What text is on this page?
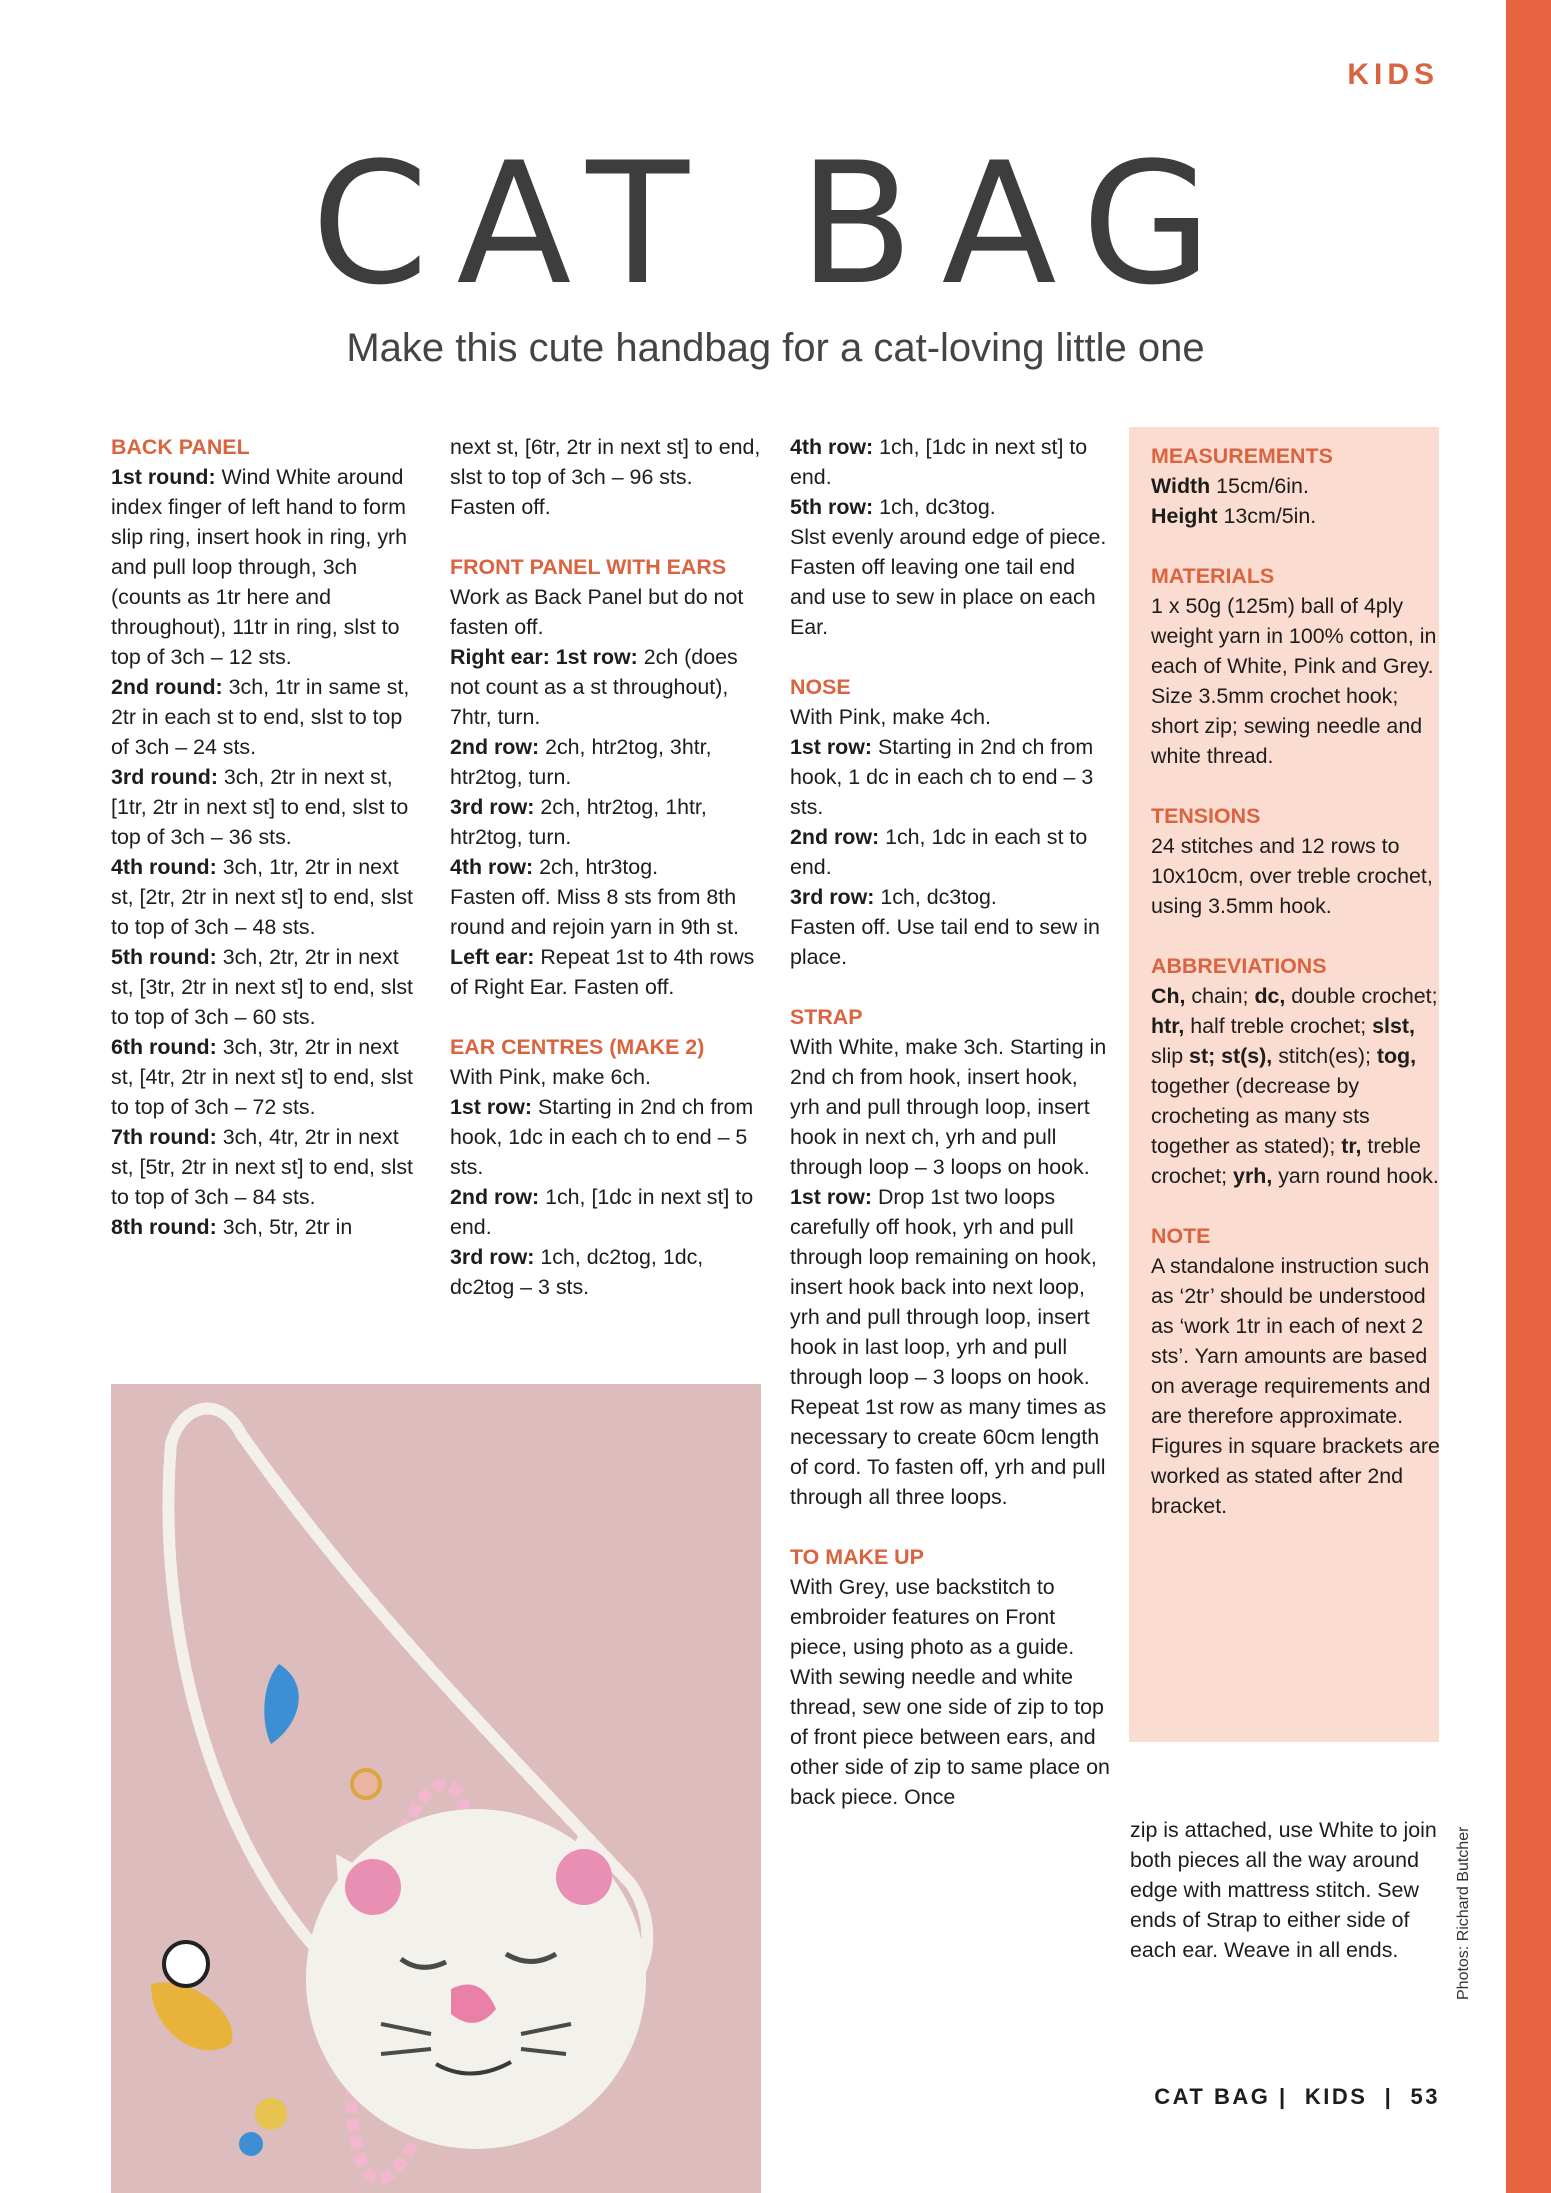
KIDS
CAT BAG
Make this cute handbag for a cat-loving little one
BACK PANEL

1st round: Wind White around index finger of left hand to form slip ring, insert hook in ring, yrh and pull loop through, 3ch (counts as 1tr here and throughout), 11tr in ring, slst to top of 3ch – 12 sts.

2nd round: 3ch, 1tr in same st, 2tr in each st to end, slst to top of 3ch – 24 sts.

3rd round: 3ch, 2tr in next st, [1tr, 2tr in next st] to end, slst to top of 3ch – 36 sts.

4th round: 3ch, 1tr, 2tr in next st, [2tr, 2tr in next st] to end, slst to top of 3ch – 48 sts.

5th round: 3ch, 2tr, 2tr in next st, [3tr, 2tr in next st] to end, slst to top of 3ch – 60 sts.

6th round: 3ch, 3tr, 2tr in next st, [4tr, 2tr in next st] to end, slst to top of 3ch – 72 sts.

7th round: 3ch, 4tr, 2tr in next st, [5tr, 2tr in next st] to end, slst to top of 3ch – 84 sts.

8th round: 3ch, 5tr, 2tr in

next st, [6tr, 2tr in next st] to end, slst to top of 3ch – 96 sts.

Fasten off.

FRONT PANEL WITH EARS

Work as Back Panel but do not fasten off.

Right ear: 1st row: 2ch (does not count as a st throughout), 7htr, turn.

2nd row: 2ch, htr2tog, 3htr, htr2tog, turn.

3rd row: 2ch, htr2tog, 1htr, htr2tog, turn.

4th row: 2ch, htr3tog.

Fasten off. Miss 8 sts from 8th round and rejoin yarn in 9th st.

Left ear: Repeat 1st to 4th rows of Right Ear. Fasten off.

EAR CENTRES (MAKE 2)

With Pink, make 6ch.

1st row: Starting in 2nd ch from hook, 1dc in each ch to end – 5 sts.

2nd row: 1ch, [1dc in next st] to end.

3rd row: 1ch, dc2tog, 1dc, dc2tog – 3 sts.

4th row: 1ch, [1dc in next st] to end.

5th row: 1ch, dc3tog.

Slst evenly around edge of piece.

Fasten off leaving one tail end and use to sew in place on each Ear.

NOSE

With Pink, make 4ch.

1st row: Starting in 2nd ch from hook, 1 dc in each ch to end – 3 sts.

2nd row: 1ch, 1dc in each st to end.

3rd row: 1ch, dc3tog.

Fasten off. Use tail end to sew in place.

STRAP

With White, make 3ch. Starting in 2nd ch from hook, insert hook, yrh and pull through loop, insert hook in next ch, yrh and pull through loop – 3 loops on hook.

1st row: Drop 1st two loops carefully off hook, yrh and pull through loop remaining on hook, insert hook back into next loop, yrh and pull through loop, insert hook in last loop, yrh and pull through loop – 3 loops on hook.

Repeat 1st row as many times as necessary to create 60cm length of cord. To fasten off, yrh and pull through all three loops.

TO MAKE UP

With Grey, use backstitch to embroider features on Front piece, using photo as a guide. With sewing needle and white thread, sew one side of zip to top of front piece between ears, and other side of zip to same place on back piece. Once

MEASUREMENTS

Width 15cm/6in.

Height 13cm/5in.

MATERIALS

1 x 50g (125m) ball of 4ply weight yarn in 100% cotton, in each of White, Pink and Grey. Size 3.5mm crochet hook; short zip; sewing needle and white thread.

TENSIONS

24 stitches and 12 rows to 10x10cm, over treble crochet, using 3.5mm hook.

ABBREVIATIONS

Ch, chain; dc, double crochet; htr, half treble crochet; slst, slip st; st(s), stitch(es); tog, together (decrease by crocheting as many sts together as stated); tr, treble crochet; yrh, yarn round hook.

NOTE

A standalone instruction such as ‘2tr’ should be understood as ‘work 1tr in each of next 2 sts’. Yarn amounts are based on average requirements and are therefore approximate. Figures in square brackets are worked as stated after 2nd bracket.

zip is attached, use White to join both pieces all the way around edge with mattress stitch. Sew ends of Strap to either side of each ear. Weave in all ends.

CAT BAG |  KIDS  |  53
Photos: Richard Butcher
